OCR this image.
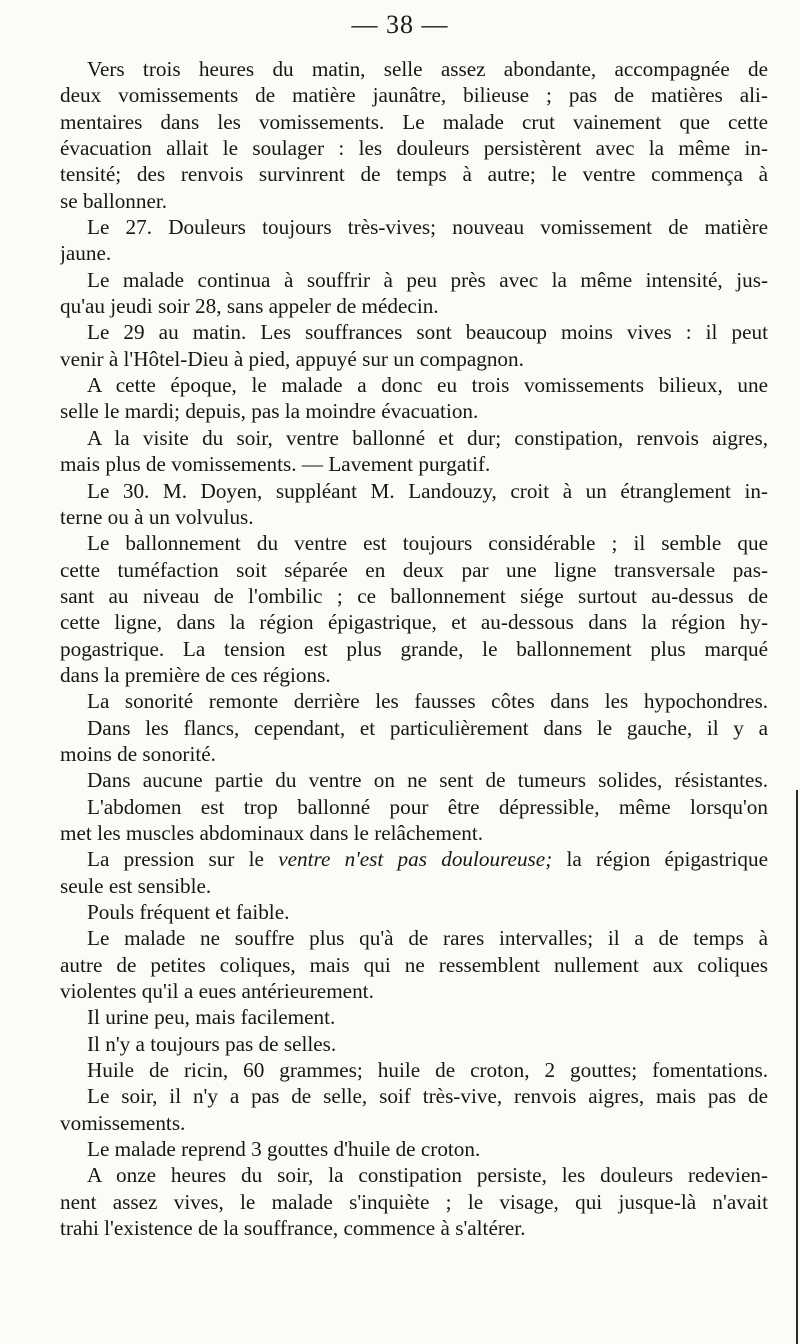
— 38 —
Vers trois heures du matin, selle assez abondante, accompagnée de
deux vomissements de matière jaunâtre, bilieuse ; pas de matières ali-
mentaires dans les vomissements. Le malade crut vainement que cette
évacuation allait le soulager : les douleurs persistèrent avec la même in-
tensité; des renvois survinrent de temps à autre; le ventre commença à
se ballonner.
Le 27. Douleurs toujours très-vives; nouveau vomissement de matière
jaune.
Le malade continua à souffrir à peu près avec la même intensité, jus-
qu'au jeudi soir 28, sans appeler de médecin.
Le 29 au matin. Les souffrances sont beaucoup moins vives : il peut
venir à l'Hôtel-Dieu à pied, appuyé sur un compagnon.
A cette époque, le malade a donc eu trois vomissements bilieux, une
selle le mardi; depuis, pas la moindre évacuation.
A la visite du soir, ventre ballonné et dur; constipation, renvois aigres,
mais plus de vomissements. — Lavement purgatif.
Le 30. M. Doyen, suppléant M. Landouzy, croit à un étranglement in-
terne ou à un volvulus.
Le ballonnement du ventre est toujours considérable ; il semble que
cette tuméfaction soit séparée en deux par une ligne transversale pas-
sant au niveau de l'ombilic ; ce ballonnement siége surtout au-dessus de
cette ligne, dans la région épigastrique, et au-dessous dans la région hy-
pogastrique. La tension est plus grande, le ballonnement plus marqué
dans la première de ces régions.
La sonorité remonte derrière les fausses côtes dans les hypochondres.
Dans les flancs, cependant, et particulièrement dans le gauche, il y a
moins de sonorité.
Dans aucune partie du ventre on ne sent de tumeurs solides, résistantes.
L'abdomen est trop ballonné pour être dépressible, même lorsqu'on
met les muscles abdominaux dans le relâchement.
La pression sur le ventre n'est pas douloureuse; la région épigastrique
seule est sensible.
Pouls fréquent et faible.
Le malade ne souffre plus qu'à de rares intervalles; il a de temps à
autre de petites coliques, mais qui ne ressemblent nullement aux coliques
violentes qu'il a eues antérieurement.
Il urine peu, mais facilement.
Il n'y a toujours pas de selles.
Huile de ricin, 60 grammes; huile de croton, 2 gouttes; fomentations.
Le soir, il n'y a pas de selle, soif très-vive, renvois aigres, mais pas de
vomissements.
Le malade reprend 3 gouttes d'huile de croton.
A onze heures du soir, la constipation persiste, les douleurs redevien-
nent assez vives, le malade s'inquiète ; le visage, qui jusque-là n'avait
trahi l'existence de la souffrance, commence à s'altérer.
